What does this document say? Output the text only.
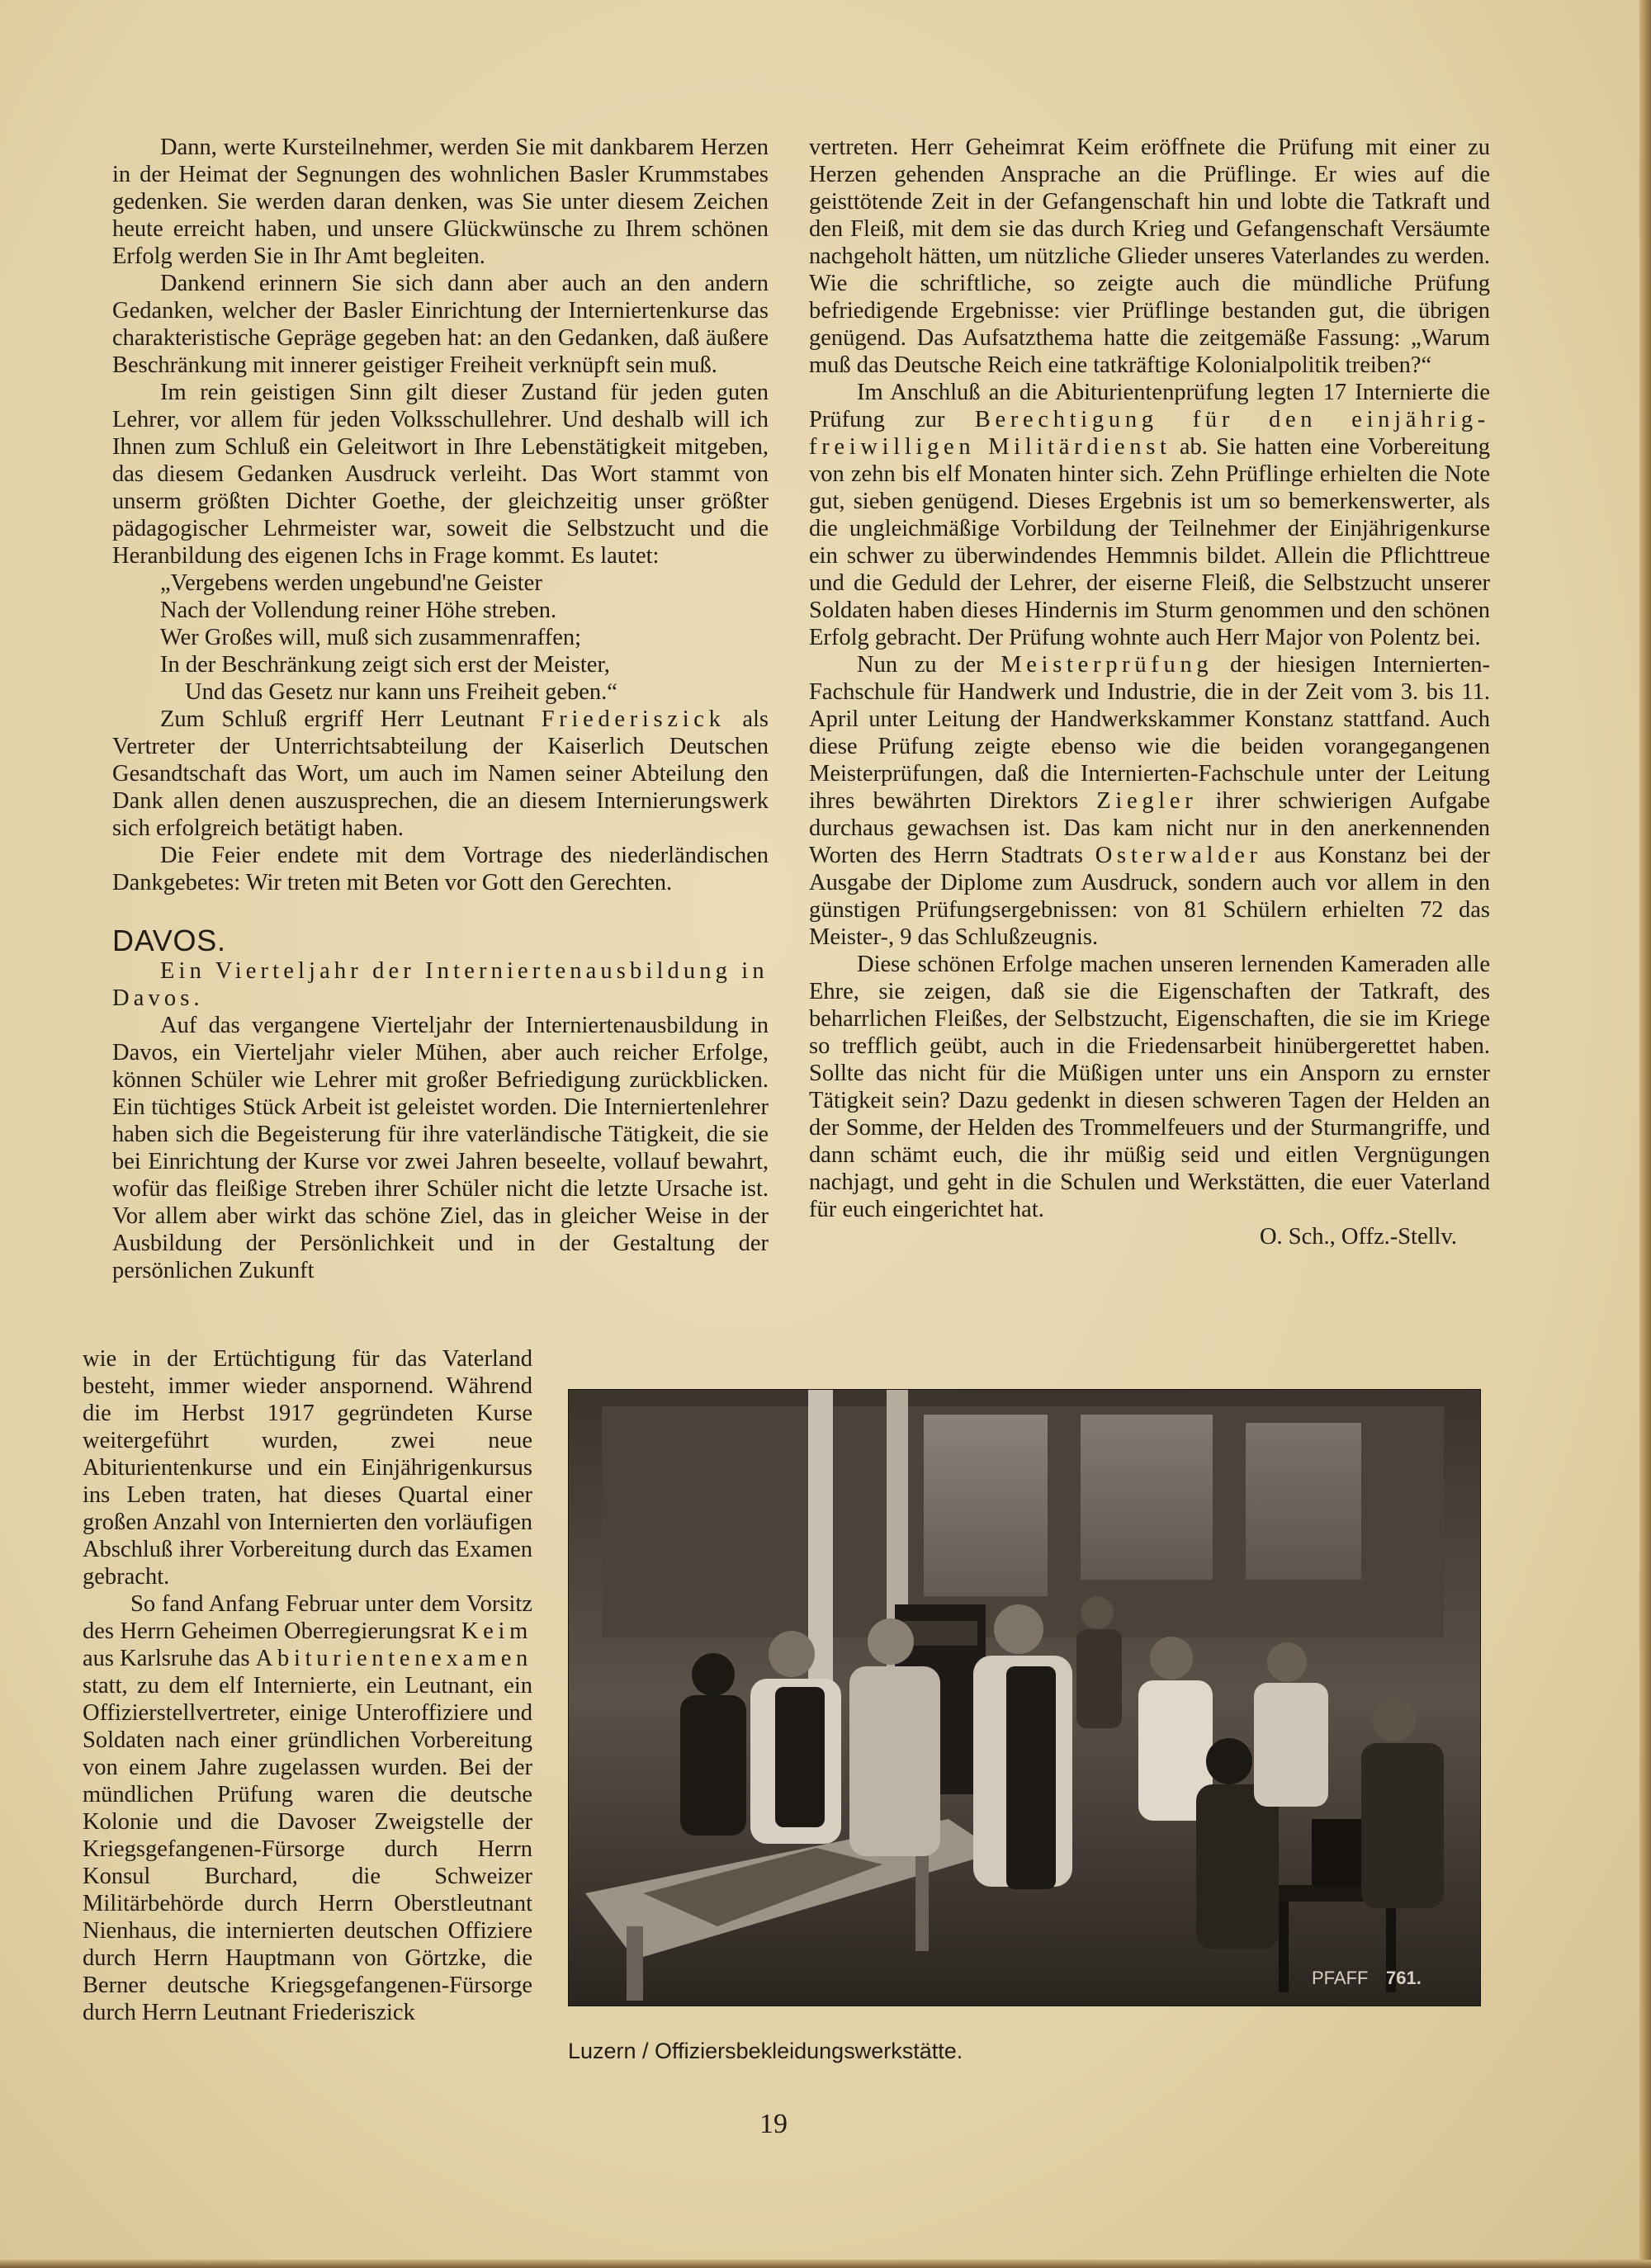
Dann, werte Kursteilnehmer, werden Sie mit dankbarem Herzen in der Heimat der Segnungen des wohnlichen Basler Krummstabes gedenken. Sie werden daran denken, was Sie unter diesem Zeichen heute erreicht haben, und unsere Glückwünsche zu Ihrem schönen Erfolg werden Sie in Ihr Amt begleiten.

Dankend erinnern Sie sich dann aber auch an den andern Gedanken, welcher der Basler Einrichtung der Interniertenkurse das charakteristische Gepräge gegeben hat: an den Gedanken, daß äußere Beschränkung mit innerer geistiger Freiheit verknüpft sein muß.

Im rein geistigen Sinn gilt dieser Zustand für jeden guten Lehrer, vor allem für jeden Volksschullehrer. Und deshalb will ich Ihnen zum Schluß ein Geleitwort in Ihre Lebenstätigkeit mitgeben, das diesem Gedanken Ausdruck verleiht. Das Wort stammt von unserm größten Dichter Goethe, der gleichzeitig unser größter pädagogischer Lehrmeister war, soweit die Selbstzucht und die Heranbildung des eigenen Ichs in Frage kommt. Es lautet:

„Vergebens werden ungebund'ne Geister
Nach der Vollendung reiner Höhe streben.
Wer Großes will, muß sich zusammenraffen;
In der Beschränkung zeigt sich erst der Meister,
Und das Gesetz nur kann uns Freiheit geben.“

Zum Schluß ergriff Herr Leutnant Friederiszick als Vertreter der Unterrichtsabteilung der Kaiserlich Deutschen Gesandtschaft das Wort, um auch im Namen seiner Abteilung den Dank allen denen auszusprechen, die an diesem Internierungswerk sich erfolgreich betätigt haben.

Die Feier endete mit dem Vortrage des niederländischen Dankgebetes: Wir treten mit Beten vor Gott den Gerechten.

DAVOS.

Ein Vierteljahr der Interniertenausbildung in Davos.

Auf das vergangene Vierteljahr der Interniertenausbildung in Davos, ein Vierteljahr vieler Mühen, aber auch reicher Erfolge, können Schüler wie Lehrer mit großer Befriedigung zurückblicken. Ein tüchtiges Stück Arbeit ist geleistet worden. Die Interniertenlehrer haben sich die Begeisterung für ihre vaterländische Tätigkeit, die sie bei Einrichtung der Kurse vor zwei Jahren beseelte, vollauf bewahrt, wofür das fleißige Streben ihrer Schüler nicht die letzte Ursache ist. Vor allem aber wirkt das schöne Ziel, das in gleicher Weise in der Ausbildung der Persönlichkeit und in der Gestaltung der persönlichen Zukunft

wie in der Ertüchtigung für das Vaterland besteht, immer wieder anspornend. Während die im Herbst 1917 gegründeten Kurse weitergeführt wurden, zwei neue Abiturientenkurse und ein Einjährigenkursus ins Leben traten, hat dieses Quartal einer großen Anzahl von Internierten den vorläufigen Abschluß ihrer Vorbereitung durch das Examen gebracht.

So fand Anfang Februar unter dem Vorsitz des Herrn Geheimen Oberregierungsrat Keim aus Karlsruhe das Abiturientenexamen statt, zu dem elf Internierte, ein Leutnant, ein Offizierstellvertreter, einige Unteroffiziere und Soldaten nach einer gründlichen Vorbereitung von einem Jahre zugelassen wurden. Bei der mündlichen Prüfung waren die deutsche Kolonie und die Davoser Zweigstelle der Kriegsgefangenen-Fürsorge durch Herrn Konsul Burchard, die Schweizer Militärbehörde durch Herrn Oberstleutnant Nienhaus, die internierten deutschen Offiziere durch Herrn Hauptmann von Görtzke, die Berner deutsche Kriegsgefangenen-Fürsorge durch Herrn Leutnant Friederiszick

vertreten. Herr Geheimrat Keim eröffnete die Prüfung mit einer zu Herzen gehenden Ansprache an die Prüflinge. Er wies auf die geisttötende Zeit in der Gefangenschaft hin und lobte die Tatkraft und den Fleiß, mit dem sie das durch Krieg und Gefangenschaft Versäumte nachgeholt hätten, um nützliche Glieder unseres Vaterlandes zu werden. Wie die schriftliche, so zeigte auch die mündliche Prüfung befriedigende Ergebnisse: vier Prüflinge bestanden gut, die übrigen genügend. Das Aufsatzthema hatte die zeitgemäße Fassung: „Warum muß das Deutsche Reich eine tatkräftige Kolonialpolitik treiben?“

Im Anschluß an die Abiturientenprüfung legten 17 Internierte die Prüfung zur Berechtigung für den einjährig-freiwilligen Militärdienst ab. Sie hatten eine Vorbereitung von zehn bis elf Monaten hinter sich. Zehn Prüflinge erhielten die Note gut, sieben genügend. Dieses Ergebnis ist um so bemerkenswerter, als die ungleichmäßige Vorbildung der Teilnehmer der Einjährigenkurse ein schwer zu überwindendes Hemmnis bildet. Allein die Pflichttreue und die Geduld der Lehrer, der eiserne Fleiß, die Selbstzucht unserer Soldaten haben dieses Hindernis im Sturm genommen und den schönen Erfolg gebracht. Der Prüfung wohnte auch Herr Major von Polentz bei.

Nun zu der Meisterprüfung der hiesigen Internierten-Fachschule für Handwerk und Industrie, die in der Zeit vom 3. bis 11. April unter Leitung der Handwerkskammer Konstanz stattfand. Auch diese Prüfung zeigte ebenso wie die beiden vorangegangenen Meisterprüfungen, daß die Internierten-Fachschule unter der Leitung ihres bewährten Direktors Ziegler ihrer schwierigen Aufgabe durchaus gewachsen ist. Das kam nicht nur in den anerkennenden Worten des Herrn Stadtrats Osterwalder aus Konstanz bei der Ausgabe der Diplome zum Ausdruck, sondern auch vor allem in den günstigen Prüfungsergebnissen: von 81 Schülern erhielten 72 das Meister-, 9 das Schlußzeugnis.

Diese schönen Erfolge machen unseren lernenden Kameraden alle Ehre, sie zeigen, daß sie die Eigenschaften der Tatkraft, des beharrlichen Fleißes, der Selbstzucht, Eigenschaften, die sie im Kriege so trefflich geübt, auch in die Friedensarbeit hinübergerettet haben. Sollte das nicht für die Müßigen unter uns ein Ansporn zu ernster Tätigkeit sein? Dazu gedenkt in diesen schweren Tagen der Helden an der Somme, der Helden des Trommelfeuers und der Sturmangriffe, und dann schämt euch, die ihr müßig seid und eitlen Vergnügungen nachjagt, und geht in die Schulen und Werkstätten, die euer Vaterland für euch eingerichtet hat.
O. Sch., Offz.-Stellv.

PFAFF 761.
Luzern / Offiziersbekleidungswerkstätte.
19
